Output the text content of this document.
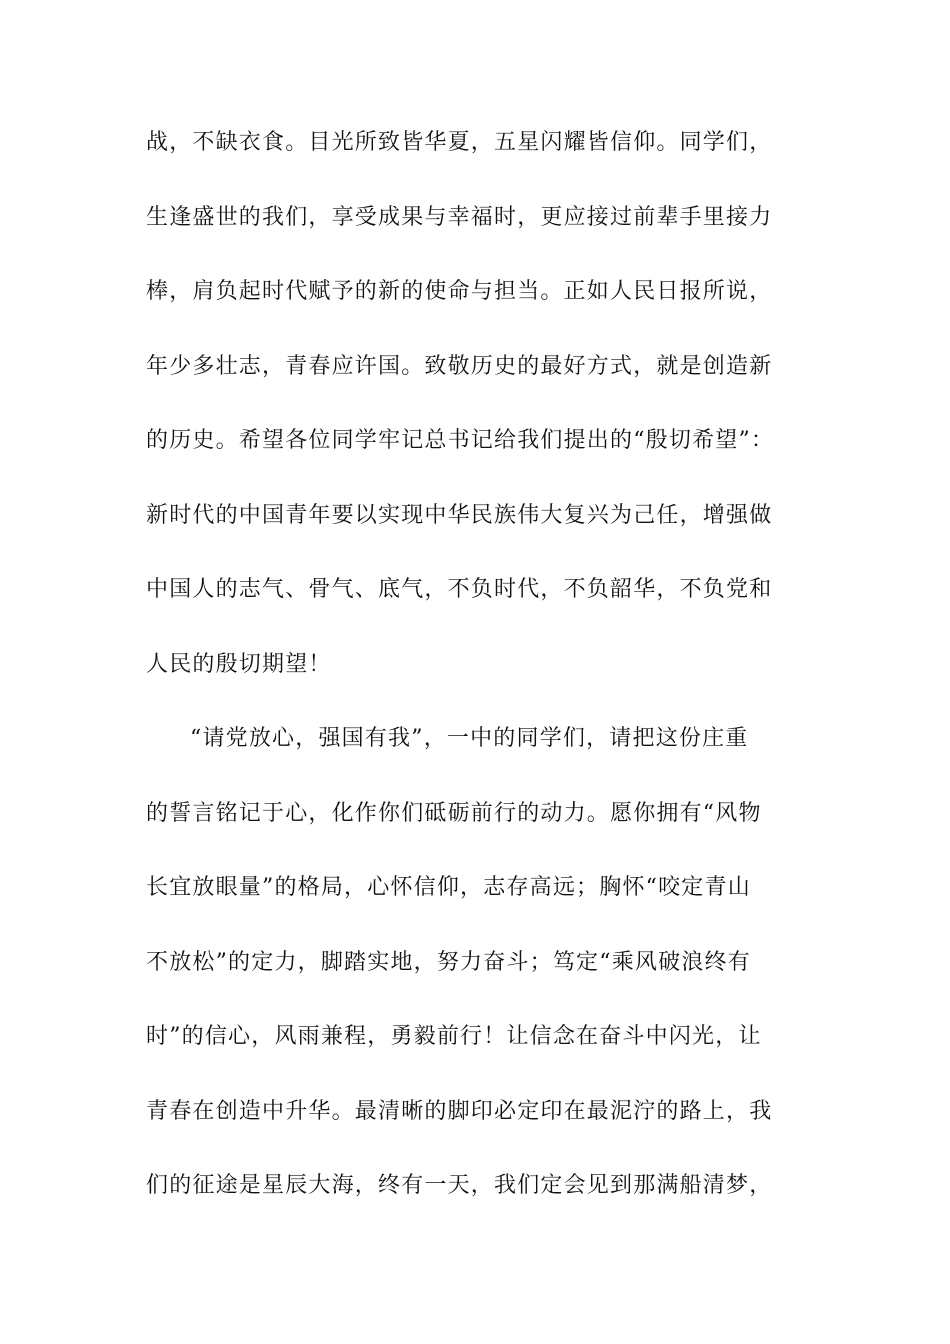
战，不缺衣食。目光所致皆华夏，五星闪耀皆信仰。同学们，

生逢盛世的我们，享受成果与幸福时，更应接过前辈手里接力

棒，肩负起时代赋予的新的使命与担当。正如人民日报所说，

年少多壮志，青春应许国。致敬历史的最好方式，就是创造新

的历史。希望各位同学牢记总书记给我们提出的“殷切希望”：

新时代的中国青年要以实现中华民族伟大复兴为己任，增强做

中国人的志气、骨气、底气，不负时代，不负韶华，不负党和

人民的殷切期望！

“请党放心，强国有我”，一中的同学们，请把这份庄重

的誓言铭记于心，化作你们砥砺前行的动力。愿你拥有“风物

长宜放眼量”的格局，心怀信仰，志存高远；胸怀“咬定青山

不放松”的定力，脚踏实地，努力奋斗；笃定“乘风破浪终有

时”的信心，风雨兼程，勇毅前行！让信念在奋斗中闪光，让

青春在创造中升华。最清晰的脚印必定印在最泥泞的路上，我

们的征途是星辰大海，终有一天，我们定会见到那满船清梦，
